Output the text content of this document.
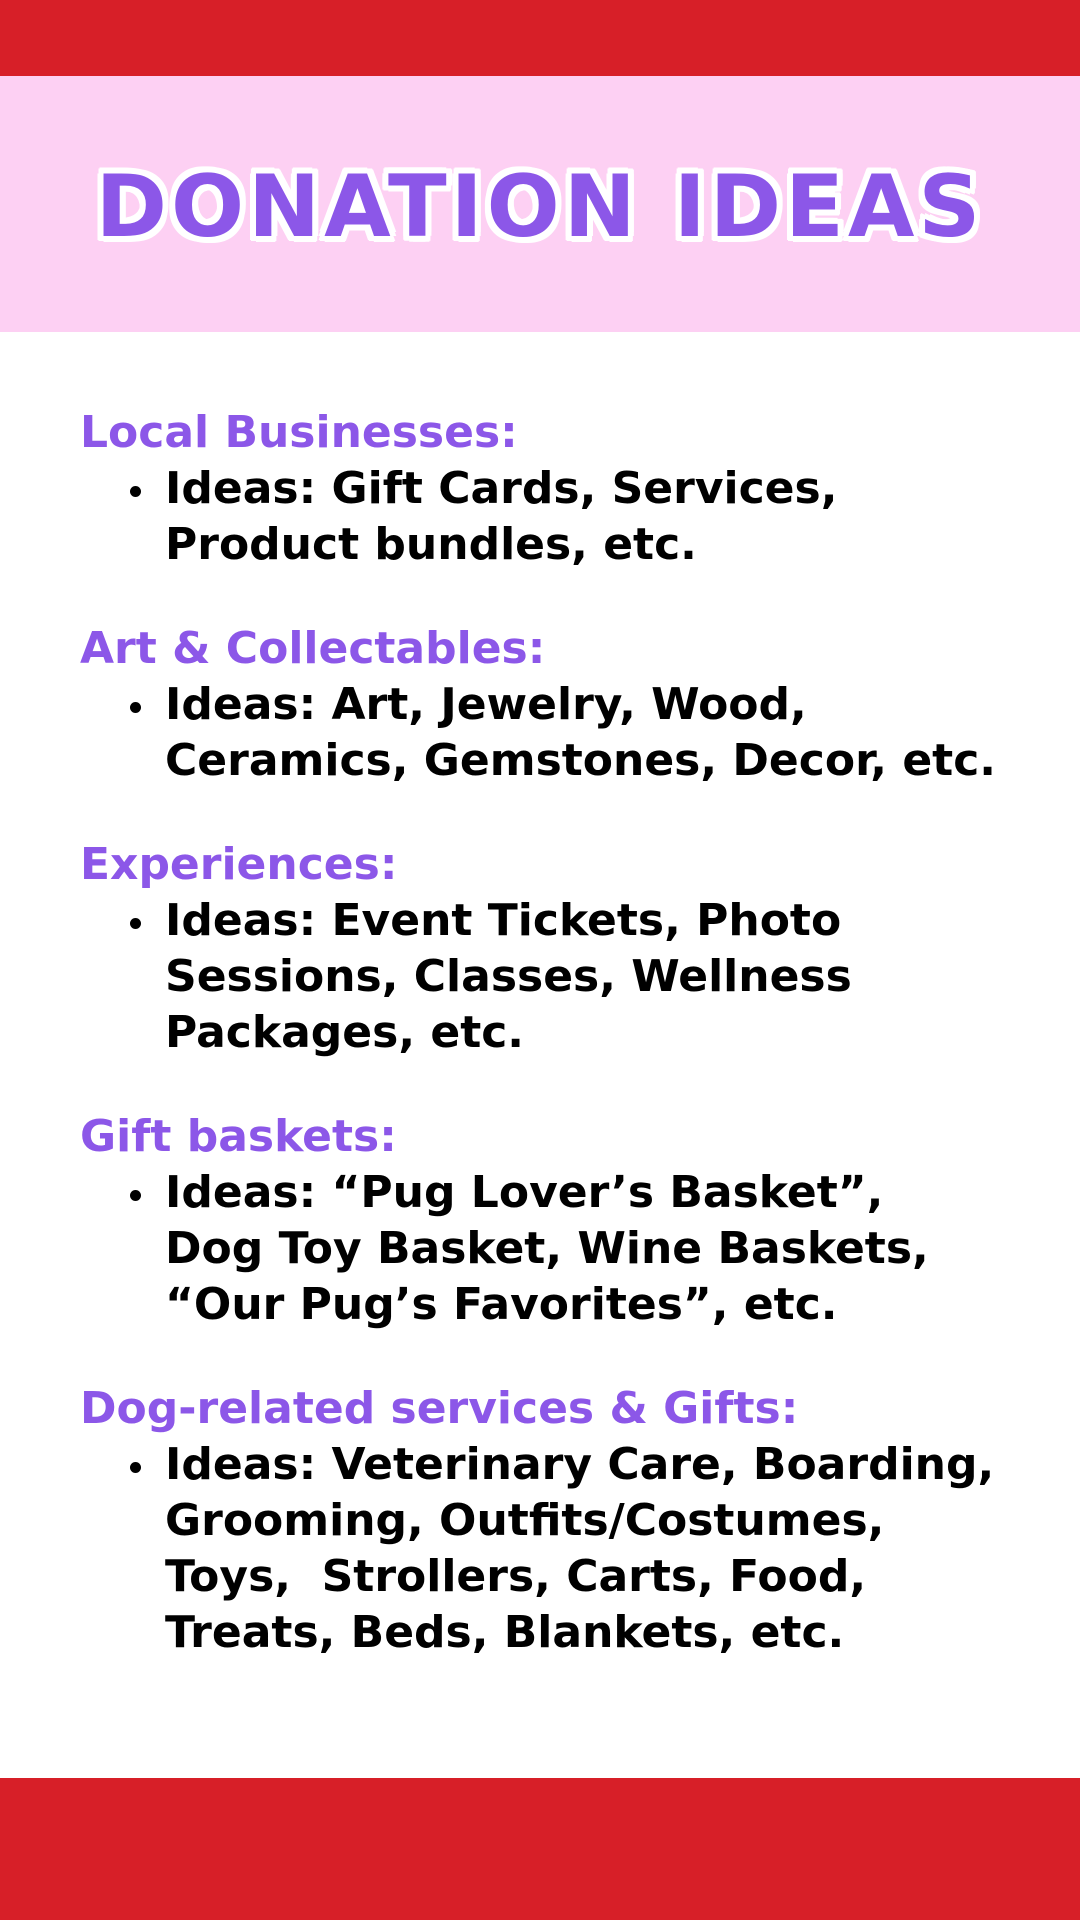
DONATION IDEAS
Local Businesses:
Ideas: Gift Cards, Services,
Product bundles, etc.
Art & Collectables:
Ideas: Art, Jewelry, Wood,
Ceramics, Gemstones, Decor, etc.
Experiences:
Ideas: Event Tickets, Photo
Sessions, Classes, Wellness
Packages, etc.
Gift baskets:
Ideas: “Pug Lover’s Basket”,
Dog Toy Basket, Wine Baskets,
“Our Pug’s Favorites”, etc.
Dog-related services & Gifts:
Ideas: Veterinary Care, Boarding,
Grooming, Outfits/Costumes,
Toys,  Strollers, Carts, Food,
Treats, Beds, Blankets, etc.
